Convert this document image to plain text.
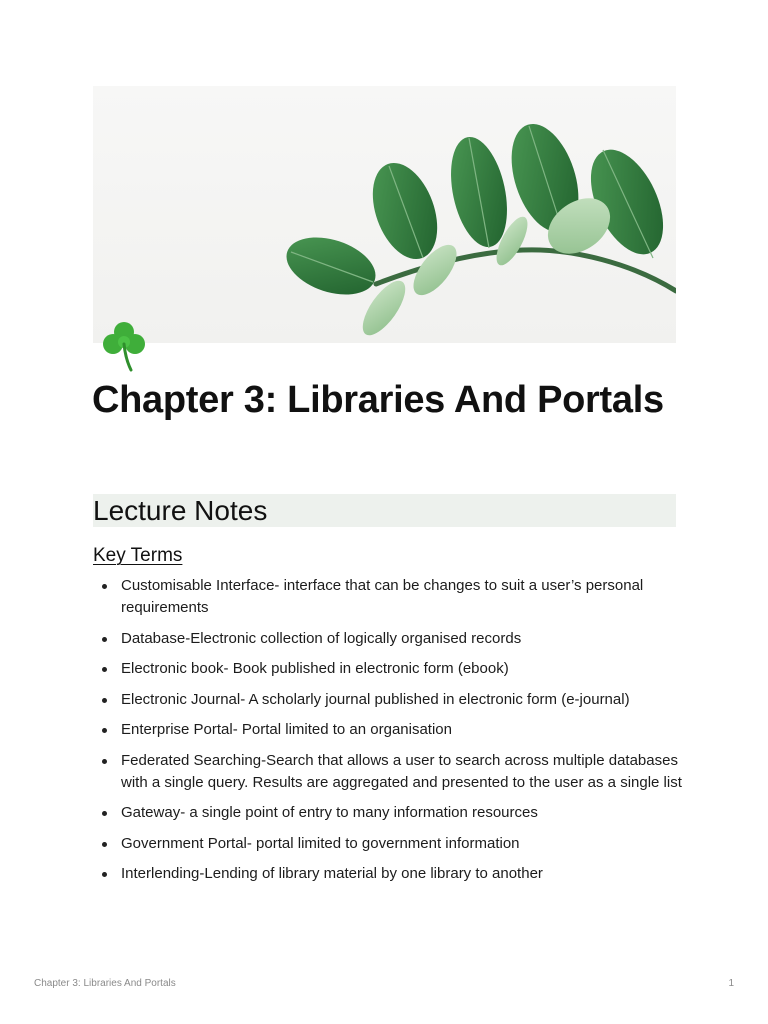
Chapter 3: Libraries And Portals
Lecture Notes
Key Terms
Customisable Interface- interface that can be changes to suit a user’s personal requirements
Database-Electronic collection of logically organised records
Electronic book- Book published in electronic form (ebook)
Electronic Journal- A scholarly journal published in electronic form (e-journal)
Enterprise Portal- Portal limited to an organisation
Federated Searching-Search that allows a user to search across multiple databases with a single query. Results are aggregated and presented to the user as a single list
Gateway- a single point of entry to many information resources
Government Portal- portal limited to government information
Interlending-Lending of library material by one library to another
Chapter 3: Libraries And Portals	1
